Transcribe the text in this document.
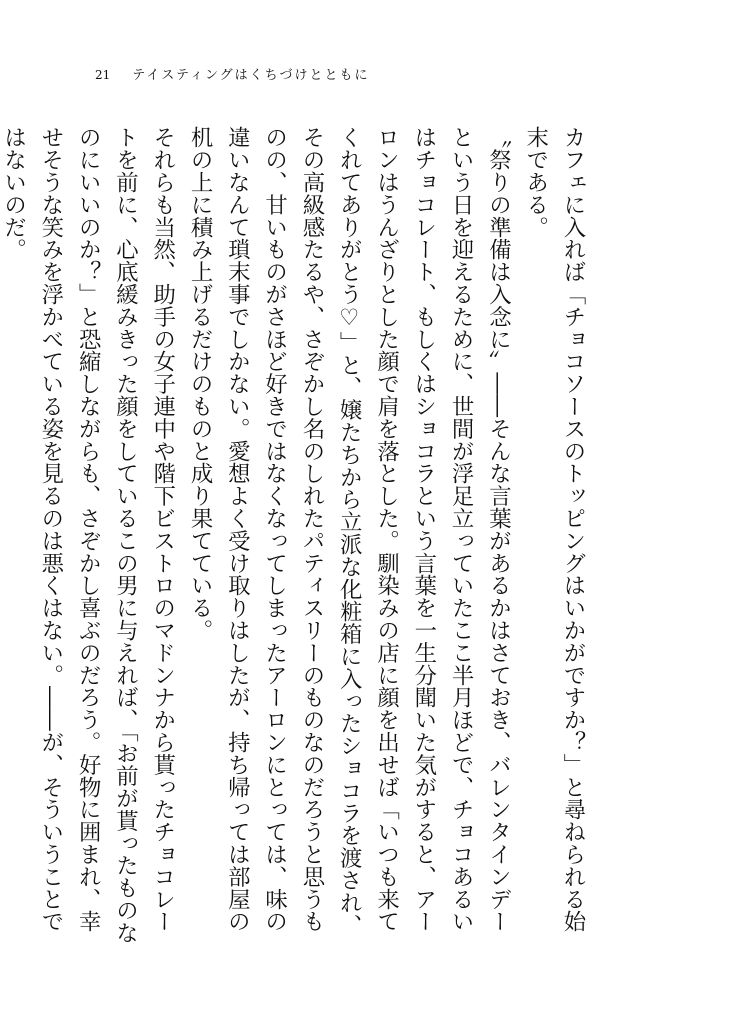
21 テイスティングはくちづけとともに

カフェに入れば「チョコソースのトッピングはいかがですか？」と尋ねられる始末である。

〝祭りの準備は入念に〟――そんな言葉があるかはさておき、バレンタインデーという日を迎えるために、世間が浮足立っていたここ半月ほどで、チョコあるいはチョコレート、もしくはショコラという言葉を一生分聞いた気がすると、アーロンはうんざりとした顔で肩を落とした。馴染みの店に顔を出せば「いつも来てくれてありがとう♡」と、嬢たちから立派な化粧箱に入ったショコラを渡され、その高級感たるや、さぞかし名のしれたパティスリーのものなのだろうと思うものの、甘いものがさほど好きではなくなってしまったアーロンにとっては、味の違いなんて瑣末事でしかない。愛想よく受け取りはしたが、持ち帰っては部屋の机の上に積み上げるだけのものと成り果てている。

それらも当然、助手の女子連中や階下ビストロのマドンナから貰ったチョコレートを前に、心底緩みきった顔をしているこの男に与えれば、「お前が貰ったものなのにいいのか？」と恐縮しながらも、さぞかし喜ぶのだろう。好物に囲まれ、幸せそうな笑みを浮かべている姿を見るのは悪くはない。――が、そういうことではないのだ。
